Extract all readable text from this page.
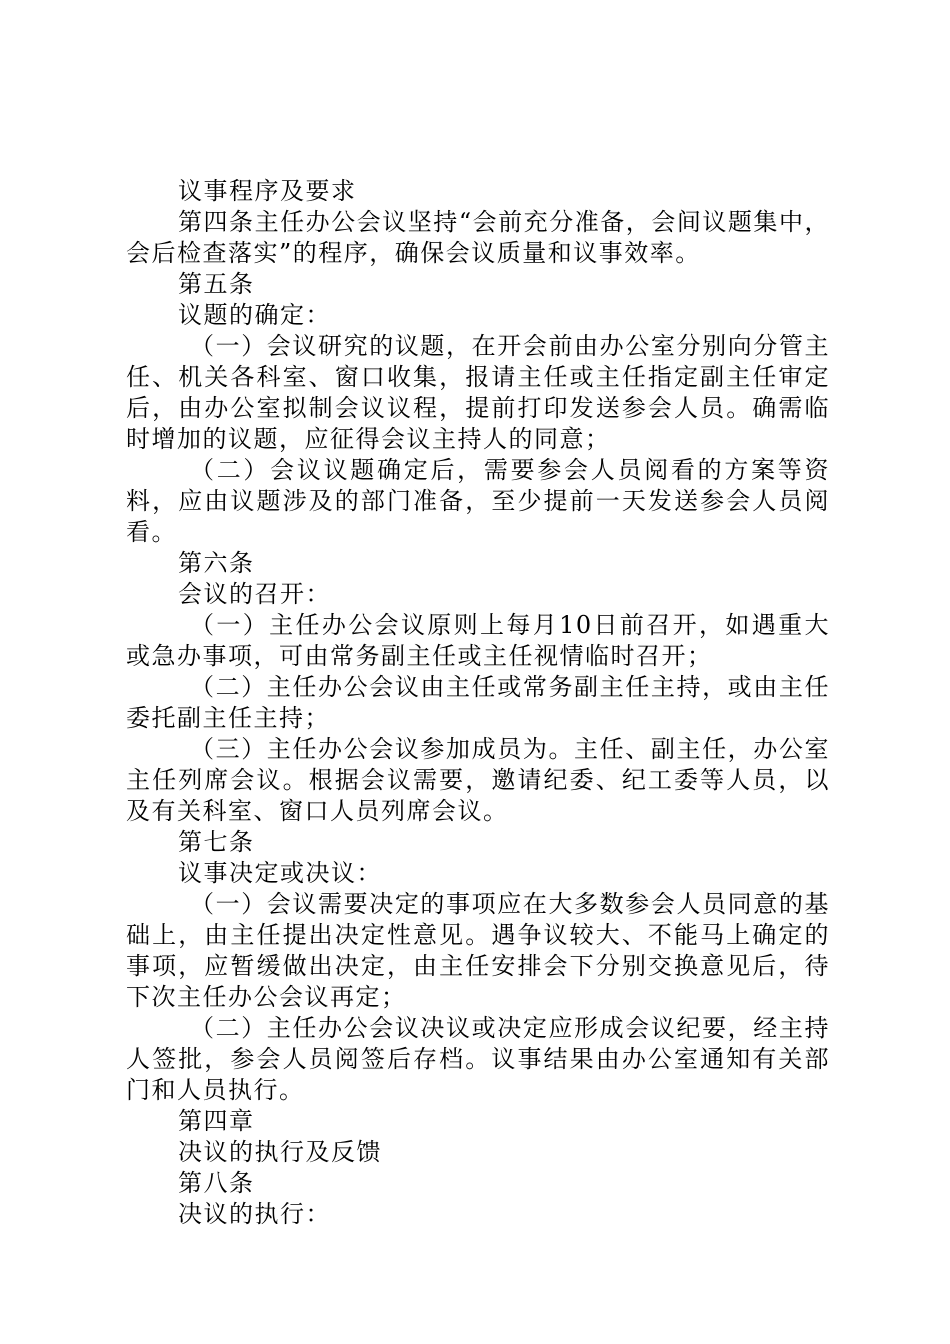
议事程序及要求

第四条主任办公会议坚持“会前充分准备，会间议题集中，会后检查落实”的程序，确保会议质量和议事效率。

第五条

议题的确定：

（一）会议研究的议题，在开会前由办公室分别向分管主任、机关各科室、窗口收集，报请主任或主任指定副主任审定后，由办公室拟制会议议程，提前打印发送参会人员。确需临时增加的议题，应征得会议主持人的同意；

（二）会议议题确定后，需要参会人员阅看的方案等资料，应由议题涉及的部门准备，至少提前一天发送参会人员阅看。

第六条

会议的召开：

（一）主任办公会议原则上每月10日前召开，如遇重大或急办事项，可由常务副主任或主任视情临时召开；

（二）主任办公会议由主任或常务副主任主持，或由主任委托副主任主持；

（三）主任办公会议参加成员为。主任、副主任，办公室主任列席会议。根据会议需要，邀请纪委、纪工委等人员，以及有关科室、窗口人员列席会议。

第七条

议事决定或决议：

（一）会议需要决定的事项应在大多数参会人员同意的基础上，由主任提出决定性意见。遇争议较大、不能马上确定的事项，应暂缓做出决定，由主任安排会下分别交换意见后，待下次主任办公会议再定；

（二）主任办公会议决议或决定应形成会议纪要，经主持人签批，参会人员阅签后存档。议事结果由办公室通知有关部门和人员执行。

第四章

决议的执行及反馈

第八条

决议的执行：
